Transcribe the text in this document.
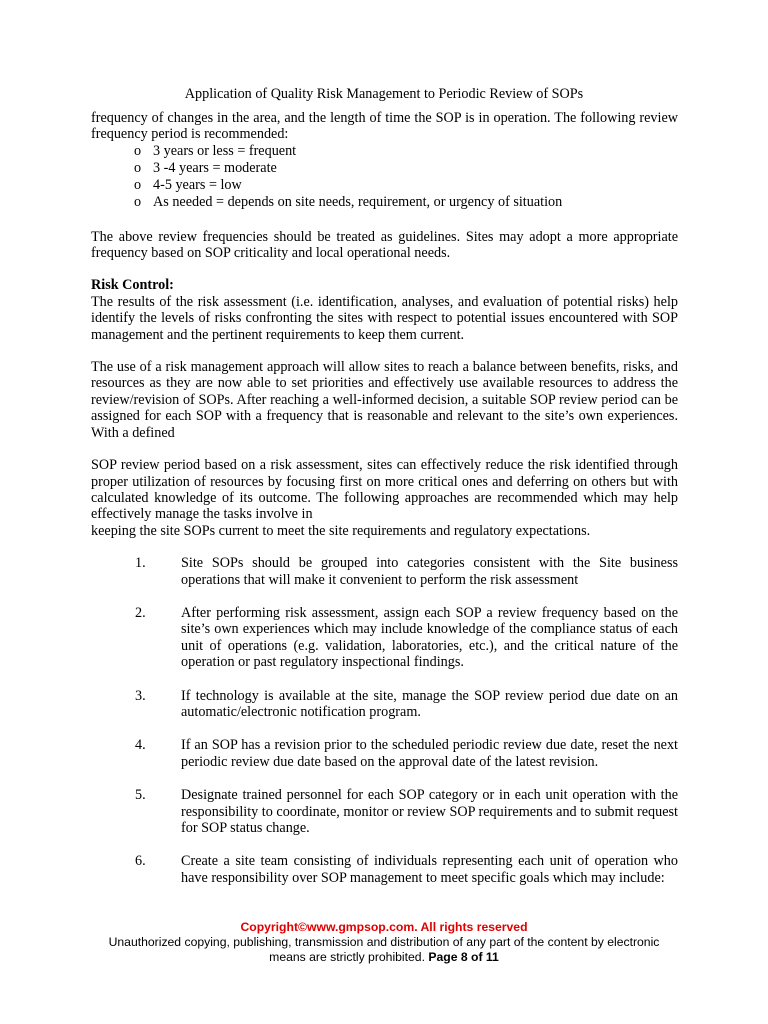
Application of Quality Risk Management to Periodic Review of SOPs

frequency of changes in the area, and the length of time the SOP is in operation. The following review frequency period is recommended:

o 3 years or less = frequent
o 3 -4 years = moderate
o 4-5 years = low
o As needed = depends on site needs, requirement, or urgency of situation

The above review frequencies should be treated as guidelines. Sites may adopt a more appropriate frequency based on SOP criticality and local operational needs.

Risk Control:

The results of the risk assessment (i.e. identification, analyses, and evaluation of potential risks) help identify the levels of risks confronting the sites with respect to potential issues encountered with SOP management and the pertinent requirements to keep them current.

The use of a risk management approach will allow sites to reach a balance between benefits, risks, and resources as they are now able to set priorities and effectively use available resources to address the review/revision of SOPs. After reaching a well-informed decision, a suitable SOP review period can be assigned for each SOP with a frequency that is reasonable and relevant to the site’s own experiences. With a defined

SOP review period based on a risk assessment, sites can effectively reduce the risk identified through proper utilization of resources by focusing first on more critical ones and deferring on others but with calculated knowledge of its outcome. The following approaches are recommended which may help effectively manage the tasks involve in

keeping the site SOPs current to meet the site requirements and regulatory expectations.
1. Site SOPs should be grouped into categories consistent with the Site business operations that will make it convenient to perform the risk assessment
2. After performing risk assessment, assign each SOP a review frequency based on the site’s own experiences which may include knowledge of the compliance status of each unit of operations (e.g. validation, laboratories, etc.), and the critical nature of the operation or past regulatory inspectional findings.
3. If technology is available at the site, manage the SOP review period due date on an automatic/electronic notification program.
4. If an SOP has a revision prior to the scheduled periodic review due date, reset the next periodic review due date based on the approval date of the latest revision.
5. Designate trained personnel for each SOP category or in each unit operation with the responsibility to coordinate, monitor or review SOP requirements and to submit request for SOP status change.
6. Create a site team consisting of individuals representing each unit of operation who have responsibility over SOP management to meet specific goals which may include:
Copyright©www.gmpsop.com. All rights reserved
Unauthorized copying, publishing, transmission and distribution of any part of the content by electronic
means are strictly prohibited. Page 8 of 11
